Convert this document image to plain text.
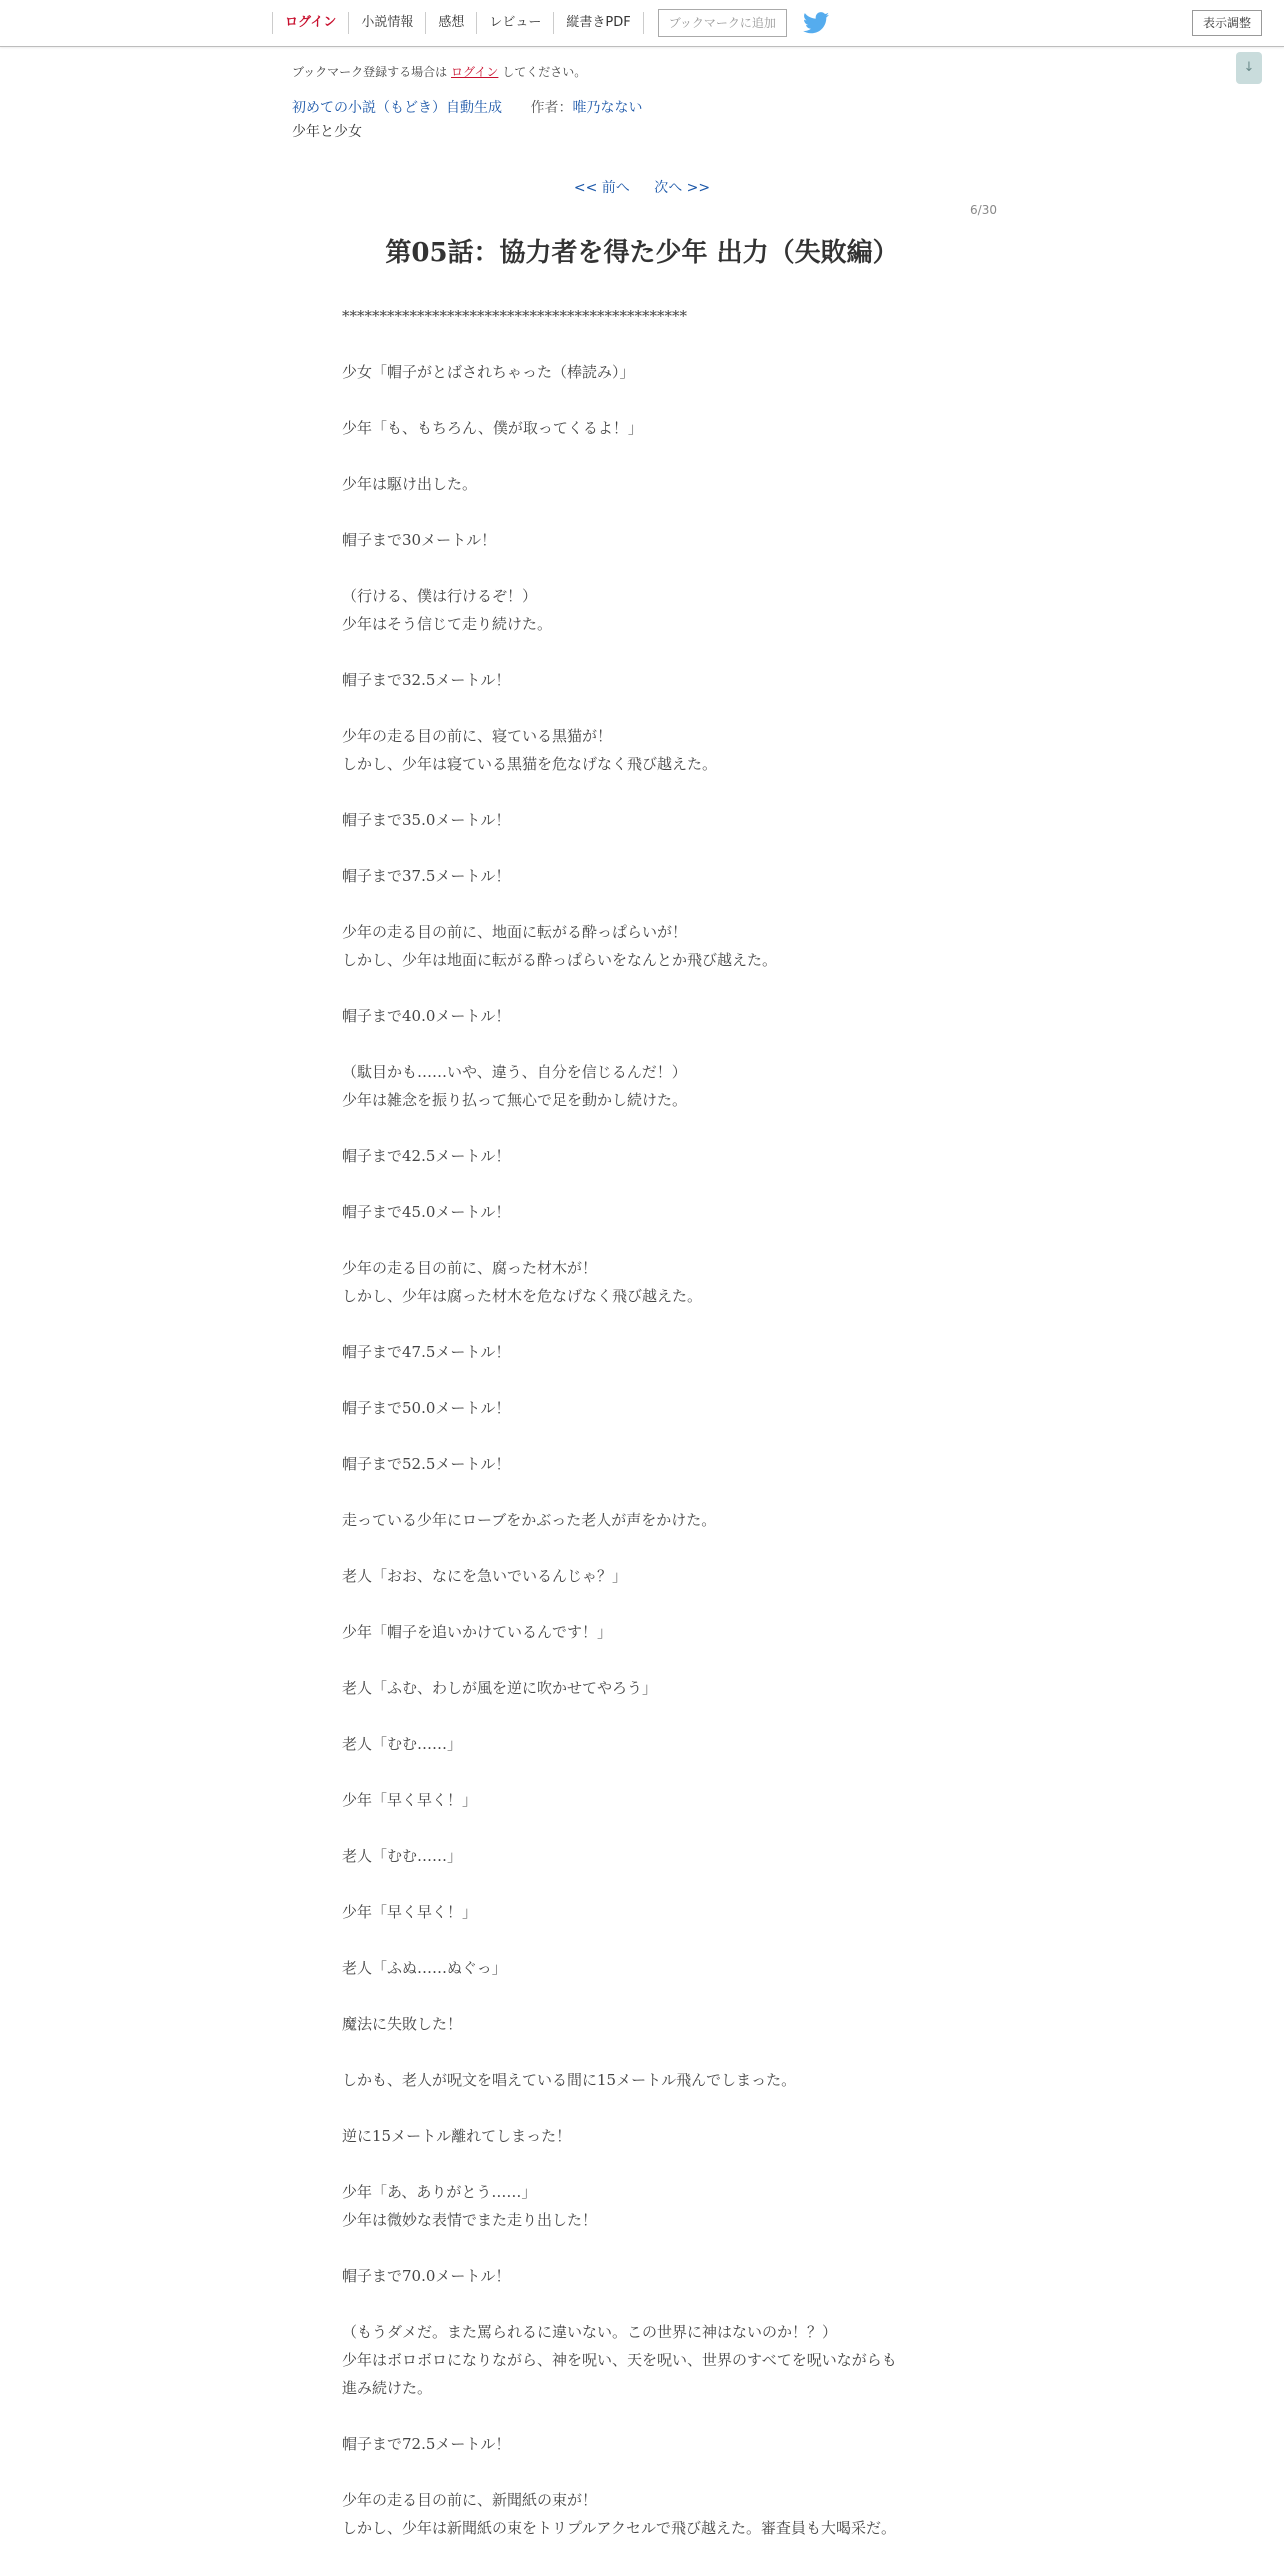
ログイン	小説情報	感想	レビュー	縦書きPDF	ブックマークに追加	表示調整
↓
ブックマーク登録する場合は ログイン してください。
初めての小説（もどき）自動生成 作者：唯乃なない
少年と少女
<< 前へ 次へ >>
6/30
第05話：協力者を得た少年 出力（失敗編）
**********************************************
少女「帽子がとばされちゃった（棒読み）」
少年「も、もちろん、僕が取ってくるよ！」
少年は駆け出した。
帽子まで30メートル！
（行ける、僕は行けるぞ！）
少年はそう信じて走り続けた。
帽子まで32.5メートル！
少年の走る目の前に、寝ている黒猫が！
しかし、少年は寝ている黒猫を危なげなく飛び越えた。
帽子まで35.0メートル！
帽子まで37.5メートル！
少年の走る目の前に、地面に転がる酔っぱらいが！
しかし、少年は地面に転がる酔っぱらいをなんとか飛び越えた。
帽子まで40.0メートル！
（駄目かも……いや、違う、自分を信じるんだ！）
少年は雑念を振り払って無心で足を動かし続けた。
帽子まで42.5メートル！
帽子まで45.0メートル！
少年の走る目の前に、腐った材木が！
しかし、少年は腐った材木を危なげなく飛び越えた。
帽子まで47.5メートル！
帽子まで50.0メートル！
帽子まで52.5メートル！
走っている少年にローブをかぶった老人が声をかけた。
老人「おお、なにを急いでいるんじゃ？」
少年「帽子を追いかけているんです！」
老人「ふむ、わしが風を逆に吹かせてやろう」
老人「むむ……」
少年「早く早く！」
老人「むむ……」
少年「早く早く！」
老人「ふぬ……ぬぐっ」
魔法に失敗した！
しかも、老人が呪文を唱えている間に15メートル飛んでしまった。
逆に15メートル離れてしまった！
少年「あ、ありがとう……」
少年は微妙な表情でまた走り出した！
帽子まで70.0メートル！
（もうダメだ。また罵られるに違いない。この世界に神はないのか！？）
少年はボロボロになりながら、神を呪い、天を呪い、世界のすべてを呪いながらも
進み続けた。
帽子まで72.5メートル！
少年の走る目の前に、新聞紙の束が！
しかし、少年は新聞紙の束をトリプルアクセルで飛び越えた。審査員も大喝采だ。
